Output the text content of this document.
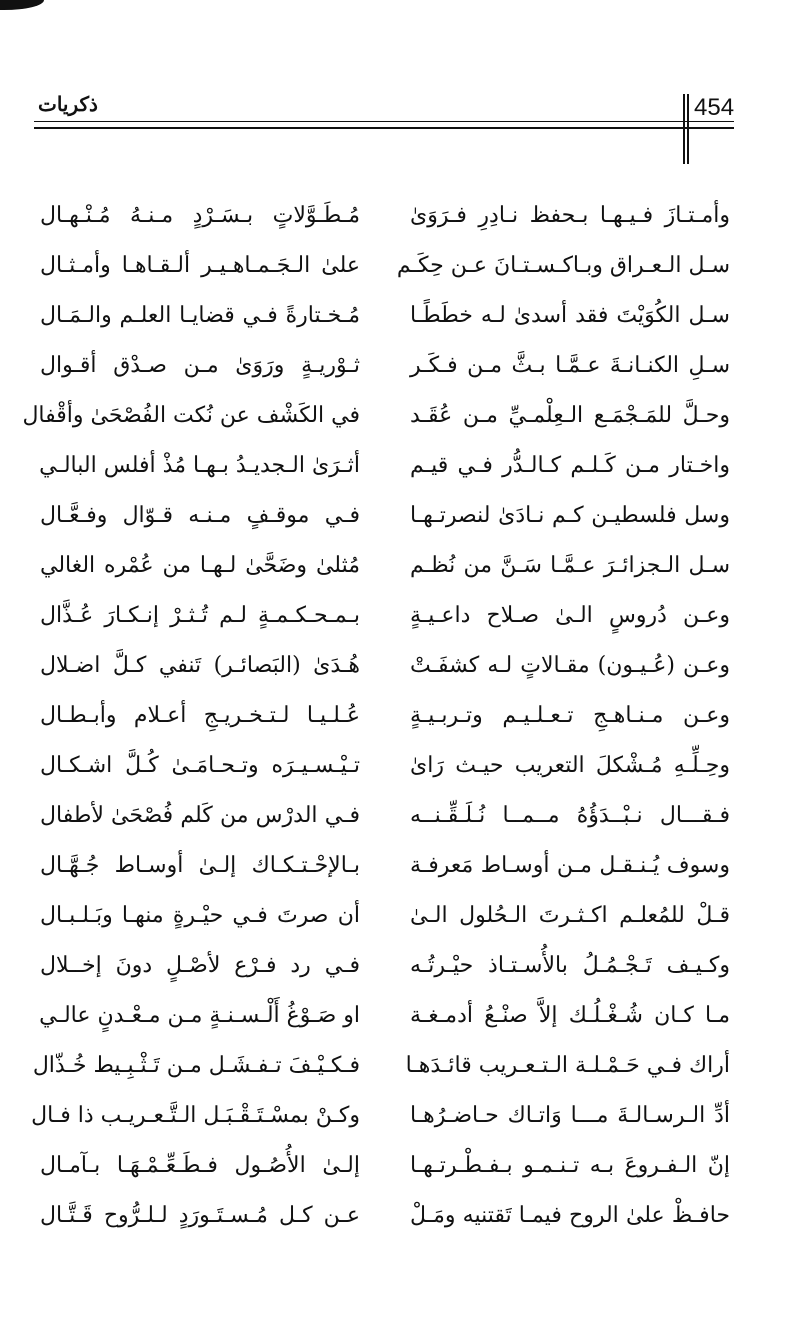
ذكريات	454
وأمـتـازَ فـيـهـا بـحفظ نـادِرِ فـرَوَىٰ
مُـطَـوَّلاتٍ بـسَـرْدٍ مـنـهُ مُـنْـهـال
سـل الـعـراق وبـاكـسـتـانَ عـن حِكَـم
علىٰ الـجَـمـاهـيـر ألـقـاهـا وأمـثـال
سـل الكُوَيْتَ فقد أسدىٰ لـه خطَطًـا
مُـخـتارةً فـي قضايـا العلـم والـمَـال
سـلِ الكنـانـةَ عـمَّـا بـثَّ مـن فـكَـر
ثـوْريـةٍ ورَوَىٰ مـن صـدْق أقـوال
وحـلَّ للمَـجْمَـع الـعِلْمـيِّ مـن عُقَـد
في الكَشْف عن نُكت الفُصْحَىٰ وأقْفال
واخـتار مـن كَـلـم كـالـدُّر فـي قيـم
أثـرَىٰ الـجديـدُ بـهـا مُذْ أفلس البالـي
وسل فلسطيـن كـم نـادَىٰ لنصرتـهـا
فـي موقـفٍ مـنـه قـوّال وفـعَّـال
سـل الـجزائـرَ عـمَّـا سَـنَّ من نُظـم
مُثلىٰ وضَحَّىٰ لـهـا من عُمْره الغالي
وعـن دُروسٍ الـىٰ صـلاح داعـيـةٍ
بـمـحـكـمـةٍ لـم تُـثـرْ إنـكـارَ عُـذَّال
وعـن (عُـيـون) مقـالاتٍ لـه كشفَـتْ
هُـدَىٰ (البَصائـر) تَنفي كـلَّ اضـلال
وعـن مـنـاهـجِ تـعـلـيـم وتـربـيـةٍ
عُـلـيـا لـتـخـريـجِ أعـلام وأبـطـال
وحِـلِّـهِ مُـشْكلَ التعريب حيـث رَاىٰ
تـيْـسـيـرَه وتـحـامَـىٰ كُـلَّ اشـكـال
فـقـــال نـبْــدَؤُهُ مــمــا نُـلَـقِّـنــه
فـي الدرْس من كَلم فُصْحَىٰ لأطفال
وسوف يُـنـقـل مـن أوسـاط مَعرفـة
بـالإحْـتـكـاك إلـىٰ أوسـاط جُـهَّـال
قـلْ للمُعلـم اكـثـرتَ الـحُلول الـىٰ
أن صرتَ فـي حيْـرةٍ منهـا وبَـلـبـال
وكـيـف تَـجْـمُـلُ بالأُسـتـاذ حيْـرتُـه
فـي رد فـرْع لأصْـلٍ دونَ إخــلال
مـا كـان شُـغْـلُـك إلاَّ صنْـعُ أدمـغـة
او صَـوْغُ أَلْـسـنـةٍ مـن مـعْـدنٍ عالـي
أراك فـي حَـمْـلـة الـتـعـريب قائـدَهـا
فـكـيْـفَ تـفـشَـل مـن تَـثْـبِـيط خُـذّال
أدِّ الـرسـالـةَ مـــا وَاتـاك حـاضـرُهـا
وكـنْ بمسْـتَـقْـبَـل الـتَّـعـريـب ذا فـال
إنّ الـفـروعَ بـه تـنـمـو بـفـطْـرتـهـا
إلـىٰ الأُصُـول فـطَـعِّـمْـهَـا بـآمـال
حافـظْ علىٰ الروح فيمـا تَقتنيه ومَـلْ
عـن كـل مُـسـتَـورَدٍ لـلـرُّوح قَـتَّـال
